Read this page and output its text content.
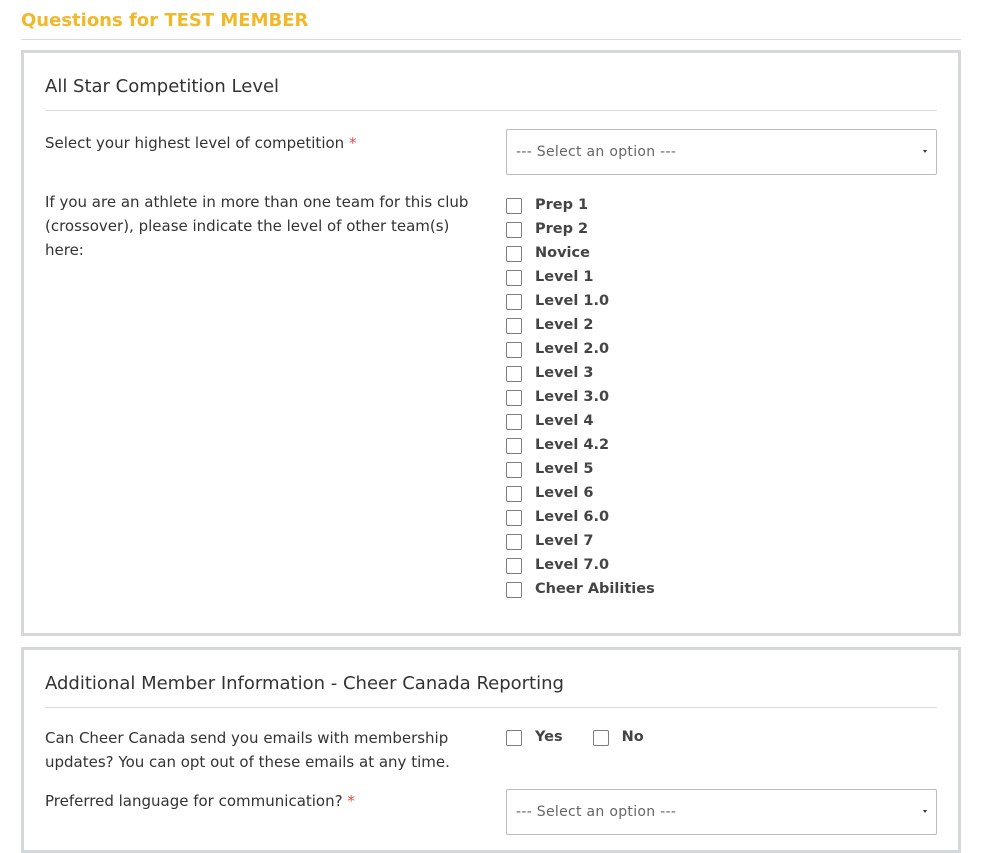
Questions for TEST MEMBER
All Star Competition Level
Select your highest level of competition *	--- Select an option ---
If you are an athlete in more than one team for this club (crossover), please indicate the level of other team(s) here:
Prep 1
Prep 2
Novice
Level 1
Level 1.0
Level 2
Level 2.0
Level 3
Level 3.0
Level 4
Level 4.2
Level 5
Level 6
Level 6.0
Level 7
Level 7.0
Cheer Abilities
Additional Member Information - Cheer Canada Reporting
Can Cheer Canada send you emails with membership updates? You can opt out of these emails at any time.
Yes	No
Preferred language for communication? *
--- Select an option ---
